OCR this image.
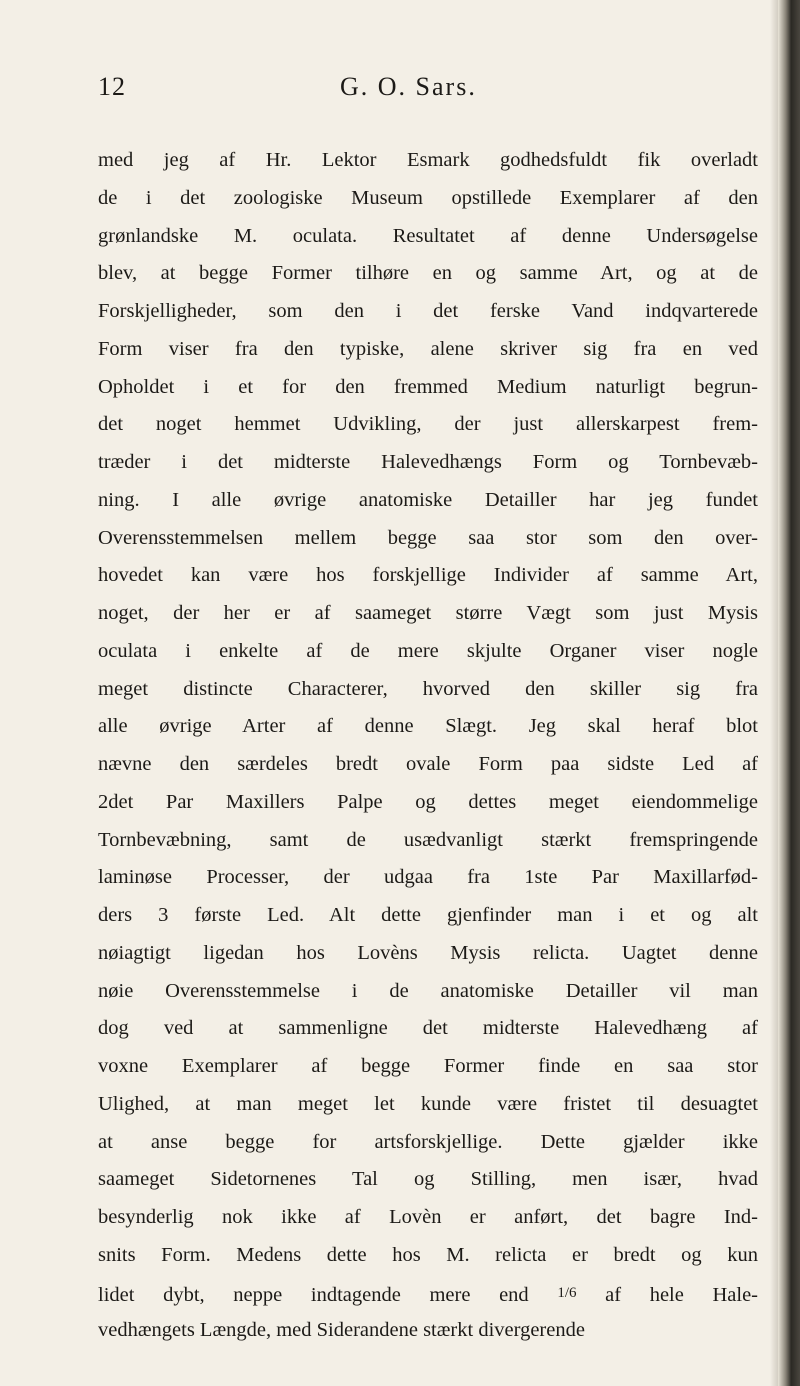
12	G. O. Sars.
med jeg af Hr. Lektor Esmark godhedsfuldt fik overladt
de i det zoologiske Museum opstillede Exemplarer af den
grønlandske M. oculata. Resultatet af denne Undersøgelse
blev, at begge Former tilhøre en og samme Art, og at de
Forskjelligheder, som den i det ferske Vand indqvarterede
Form viser fra den typiske, alene skriver sig fra en ved
Opholdet i et for den fremmed Medium naturligt begrun-
det noget hemmet Udvikling, der just allerskarpest frem-
træder i det midterste Halevedhængs Form og Tornbevæb-
ning. I alle øvrige anatomiske Detailler har jeg fundet
Overensstemmelsen mellem begge saa stor som den over-
hovedet kan være hos forskjellige Individer af samme Art,
noget, der her er af saameget større Vægt som just Mysis
oculata i enkelte af de mere skjulte Organer viser nogle
meget distincte Characterer, hvorved den skiller sig fra
alle øvrige Arter af denne Slægt. Jeg skal heraf blot
nævne den særdeles bredt ovale Form paa sidste Led af
2det Par Maxillers Palpe og dettes meget eiendommelige
Tornbevæbning, samt de usædvanligt stærkt fremspringende
laminøse Processer, der udgaa fra 1ste Par Maxillarfød-
ders 3 første Led. Alt dette gjenfinder man i et og alt
nøiagtigt ligedan hos Lovèns Mysis relicta. Uagtet denne
nøie Overensstemmelse i de anatomiske Detailler vil man
dog ved at sammenligne det midterste Halevedhæng af
voxne Exemplarer af begge Former finde en saa stor
Ulighed, at man meget let kunde være fristet til desuagtet
at anse begge for artsforskjellige. Dette gjælder ikke
saameget Sidetornenes Tal og Stilling, men især, hvad
besynderlig nok ikke af Lovèn er anført, det bagre Ind-
snits Form. Medens dette hos M. relicta er bredt og kun
lidet dybt, neppe indtagende mere end 1/6 af hele Hale-
vedhængets Længde, med Siderandene stærkt divergerende
